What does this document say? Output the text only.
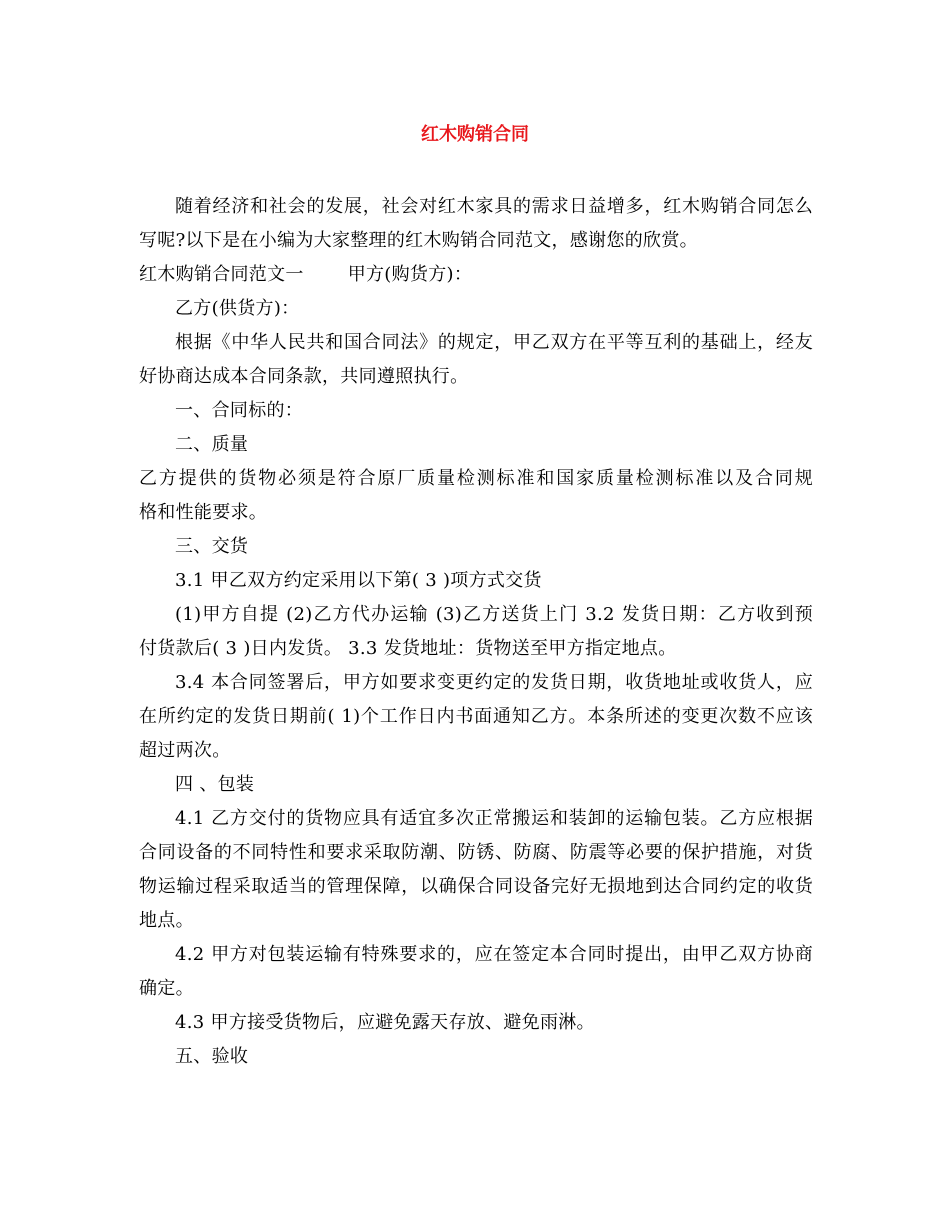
红木购销合同
随着经济和社会的发展，社会对红木家具的需求日益增多，红木购销合同怎么
写呢?以下是在小编为大家整理的红木购销合同范文，感谢您的欣赏。
红木购销合同范文一 甲方(购货方)：
乙方(供货方)：
根据《中华人民共和国合同法》的规定，甲乙双方在平等互利的基础上，经友
好协商达成本合同条款，共同遵照执行。
一、合同标的：
二、质量
乙方提供的货物必须是符合原厂质量检测标准和国家质量检测标准以及合同规
格和性能要求。
三、交货
3.1 甲乙双方约定采用以下第( 3 )项方式交货
(1)甲方自提 (2)乙方代办运输 (3)乙方送货上门 3.2 发货日期：乙方收到预
付货款后( 3 )日内发货。 3.3 发货地址：货物送至甲方指定地点。
3.4 本合同签署后，甲方如要求变更约定的发货日期，收货地址或收货人，应
在所约定的发货日期前( 1)个工作日内书面通知乙方。本条所述的变更次数不应该
超过两次。
四 、包装
4.1 乙方交付的货物应具有适宜多次正常搬运和装卸的运输包装。乙方应根据
合同设备的不同特性和要求采取防潮、防锈、防腐、防震等必要的保护措施，对货
物运输过程采取适当的管理保障，以确保合同设备完好无损地到达合同约定的收货
地点。
4.2 甲方对包装运输有特殊要求的，应在签定本合同时提出，由甲乙双方协商
确定。
4.3 甲方接受货物后，应避免露天存放、避免雨淋。
五、验收
